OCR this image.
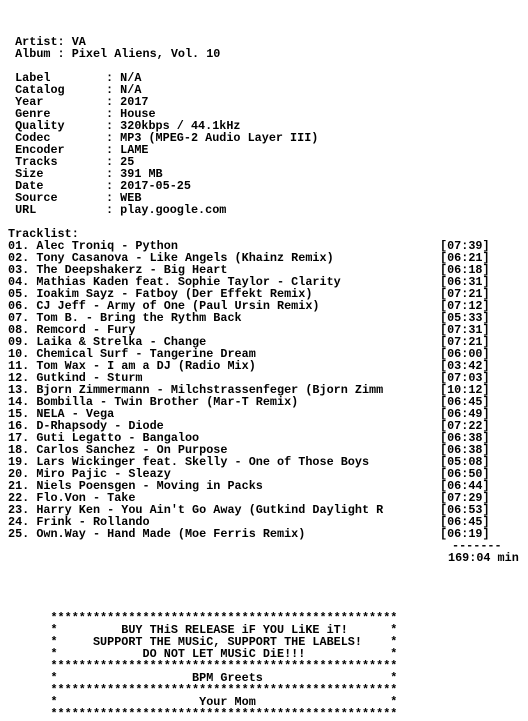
Artist: VA
Album : Pixel Aliens, Vol. 10
Label	: N/A
Catalog	: N/A
Year	: 2017
Genre	: House
Quality	: 320kbps / 44.1kHz
Codec	: MP3 (MPEG-2 Audio Layer III)
Encoder	: LAME
Tracks	: 25
Size	: 391 MB
Date	: 2017-05-25
Source	: WEB
URL	: play.google.com
Tracklist:
01. Alec Troniq - Python	[07:39]
02. Tony Casanova - Like Angels (Khainz Remix)	[06:21]
03. The Deepshakerz - Big Heart	[06:18]
04. Mathias Kaden feat. Sophie Taylor - Clarity	[06:31]
05. Ioakim Sayz - Fatboy (Der Effekt Remix)	[07:21]
06. CJ Jeff - Army of One (Paul Ursin Remix)	[07:12]
07. Tom B. - Bring the Rythm Back	[05:33]
08. Remcord - Fury	[07:31]
09. Laika & Strelka - Change	[07:21]
10. Chemical Surf - Tangerine Dream	[06:00]
11. Tom Wax - I am a DJ (Radio Mix)	[03:42]
12. Gutkind - Sturm	[07:03]
13. Bjorn Zimmermann - Milchstrassenfeger (Bjorn Zimm	[10:12]
14. Bombilla - Twin Brother (Mar-T Remix)	[06:45]
15. NELA - Vega	[06:49]
16. D-Rhapsody - Diode	[07:22]
17. Guti Legatto - Bangaloo	[06:38]
18. Carlos Sanchez - On Purpose	[06:38]
19. Lars Wickinger feat. Skelly - One of Those Boys	[05:08]
20. Miro Pajic - Sleazy	[06:50]
21. Niels Poensgen - Moving in Packs	[06:44]
22. Flo.Von - Take	[07:29]
23. Harry Ken - You Ain't Go Away (Gutkind Daylight R	[06:53]
24. Frink - Rollando	[06:45]
25. Own.Way - Hand Made (Moe Ferris Remix)	[06:19]
-------
169:04 min
*************************************************
*         BUY THiS RELEASE iF YOU LiKE iT!      *
*     SUPPORT THE MUSiC, SUPPORT THE LABELS!    *
*            DO NOT LET MUSiC DiE!!!            *
*************************************************
*                   BPM Greets                  *
*************************************************
*                    Your Mom                   *
*************************************************
